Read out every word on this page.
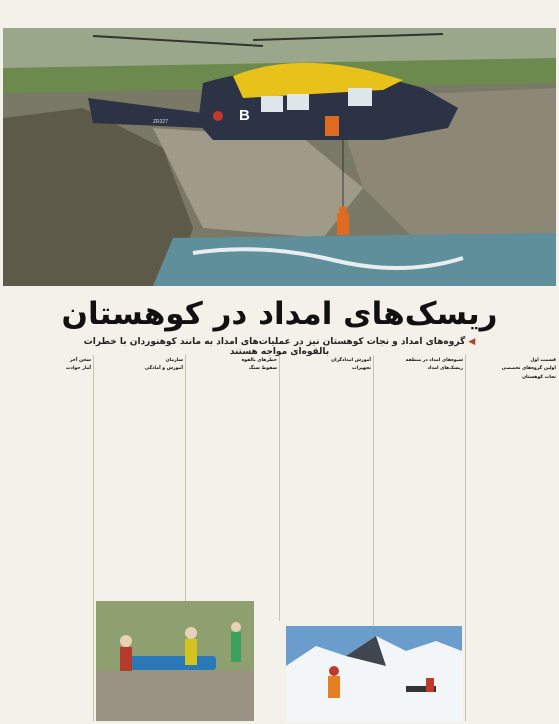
B
ZR327
ریسک‌های امداد در کوهستان
◀ گروه‌های امداد و نجات کوهستان نیز در عملیات‌های امداد به مانند کوهنوردان با خطرات بالقوه‌ای مواجه هستند
قسمت اول
اولین گروه‌های تخصصی
نجات کوهستان
شیوه‌های امداد در منطقه
ریسک‌های امداد
آموزش امدادگران
تجهیزات
خطرهای بالقوه
سقوط سنگ
سازمان
آموزش و آمادگی
سخن آخر
آمار حوادث
